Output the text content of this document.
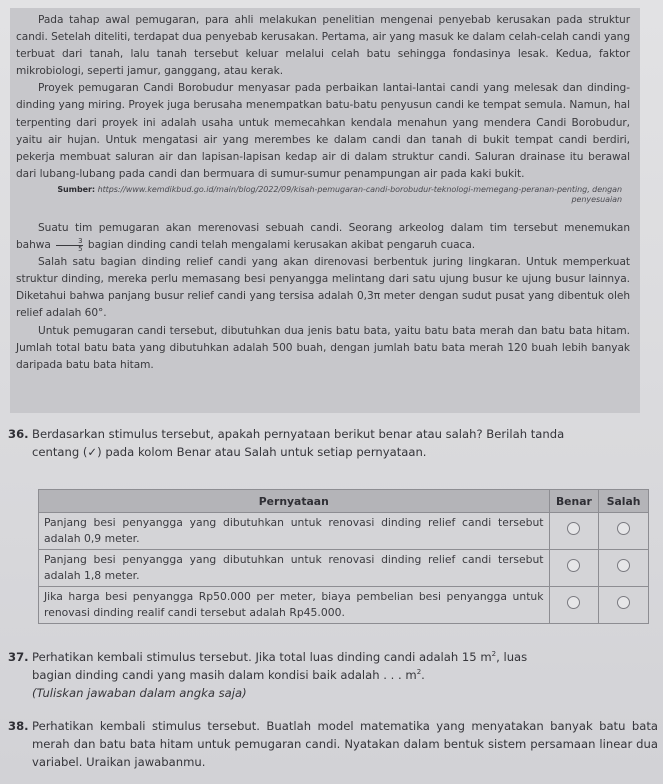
Pada tahap awal pemugaran, para ahli melakukan penelitian mengenai penyebab kerusakan pada struktur candi. Setelah diteliti, terdapat dua penyebab kerusakan. Pertama, air yang masuk ke dalam celah-celah candi yang terbuat dari tanah, lalu tanah tersebut keluar melalui celah batu sehingga fondasinya lesak. Kedua, faktor mikrobiologi, seperti jamur, ganggang, atau kerak.

Proyek pemugaran Candi Borobudur menyasar pada perbaikan lantai-lantai candi yang melesak dan dinding-dinding yang miring. Proyek juga berusaha menempatkan batu-batu penyusun candi ke tempat semula. Namun, hal terpenting dari proyek ini adalah usaha untuk memecahkan kendala menahun yang mendera Candi Borobudur, yaitu air hujan. Untuk mengatasi air yang merembes ke dalam candi dan tanah di bukit tempat candi berdiri, pekerja membuat saluran air dan lapisan-lapisan kedap air di dalam struktur candi. Saluran drainase itu berawal dari lubang-lubang pada candi dan bermuara di sumur-sumur penampungan air pada kaki bukit.

Sumber: https://www.kemdikbud.go.id/main/blog/2022/09/kisah-pemugaran-candi-borobudur-teknologi-memegang-peranan-penting, dengan penyesuaian

Suatu tim pemugaran akan merenovasi sebuah candi. Seorang arkeolog dalam tim tersebut menemukan bahwa $\frac{3}{5}$ bagian dinding candi telah mengalami kerusakan akibat pengaruh cuaca.

Salah satu bagian dinding relief candi yang akan direnovasi berbentuk juring lingkaran. Untuk memperkuat struktur dinding, mereka perlu memasang besi penyangga melintang dari satu ujung busur ke ujung busur lainnya. Diketahui bahwa panjang busur relief candi yang tersisa adalah 0,3π meter dengan sudut pusat yang dibentuk oleh relief adalah 60°.

Untuk pemugaran candi tersebut, dibutuhkan dua jenis batu bata, yaitu batu bata merah dan batu bata hitam. Jumlah total batu bata yang dibutuhkan adalah 500 buah, dengan jumlah batu bata merah 120 buah lebih banyak daripada batu bata hitam.

36. Berdasarkan stimulus tersebut, apakah pernyataan berikut benar atau salah? Berilah tanda
centang (✓) pada kolom Benar atau Salah untuk setiap pernyataan.
Pernyataan	Benar	Salah
Panjang besi penyangga yang dibutuhkan untuk renovasi dinding relief candi tersebut adalah 0,9 meter.		
Panjang besi penyangga yang dibutuhkan untuk renovasi dinding relief candi tersebut adalah 1,8 meter.		
Jika harga besi penyangga Rp50.000 per meter, biaya pembelian besi penyangga untuk renovasi dinding realif candi tersebut adalah Rp45.000.		
37. Perhatikan kembali stimulus tersebut. Jika total luas dinding candi adalah 15 $m^2$, luas
bagian dinding candi yang masih dalam kondisi baik adalah . . . $m^2$.
(Tuliskan jawaban dalam angka saja)
38. Perhatikan kembali stimulus tersebut. Buatlah model matematika yang menyatakan banyak batu bata merah dan batu bata hitam untuk pemugaran candi. Nyatakan dalam bentuk sistem persamaan linear dua variabel. Uraikan jawabanmu.
